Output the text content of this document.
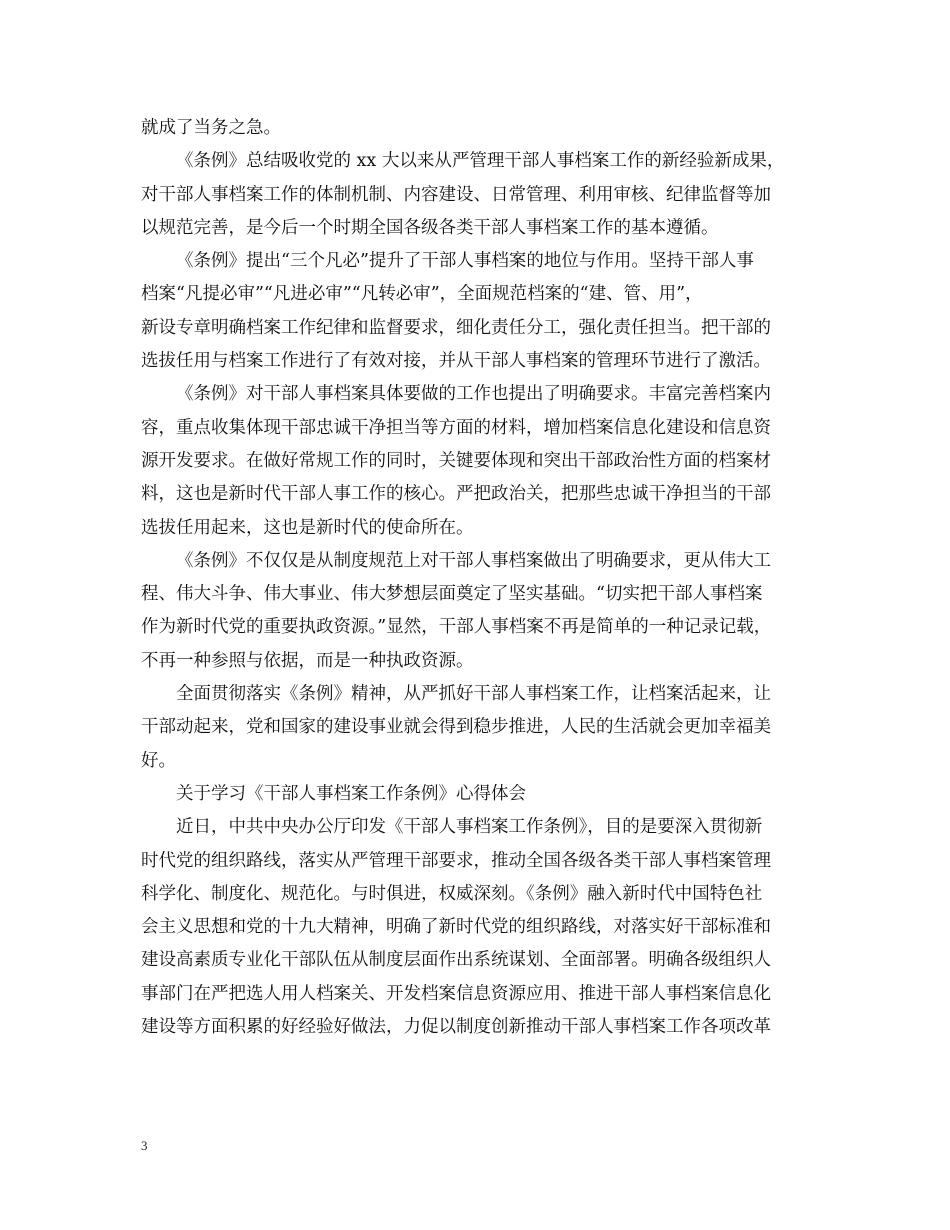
就成了当务之急。
《条例》总结吸收党的 xx 大以来从严管理干部人事档案工作的新经验新成果，
对干部人事档案工作的体制机制、内容建设、日常管理、利用审核、纪律监督等加
以规范完善，是今后一个时期全国各级各类干部人事档案工作的基本遵循。
《条例》提出“三个凡必”提升了干部人事档案的地位与作用。坚持干部人事
档案“凡提必审”“凡进必审”“凡转必审”，全面规范档案的“建、管、用”，
新设专章明确档案工作纪律和监督要求，细化责任分工，强化责任担当。把干部的
选拔任用与档案工作进行了有效对接，并从干部人事档案的管理环节进行了激活。
《条例》对干部人事档案具体要做的工作也提出了明确要求。丰富完善档案内
容，重点收集体现干部忠诚干净担当等方面的材料，增加档案信息化建设和信息资
源开发要求。在做好常规工作的同时，关键要体现和突出干部政治性方面的档案材
料，这也是新时代干部人事工作的核心。严把政治关，把那些忠诚干净担当的干部
选拔任用起来，这也是新时代的使命所在。
《条例》不仅仅是从制度规范上对干部人事档案做出了明确要求，更从伟大工
程、伟大斗争、伟大事业、伟大梦想层面奠定了坚实基础。“切实把干部人事档案
作为新时代党的重要执政资源。”显然，干部人事档案不再是简单的一种记录记载，
不再一种参照与依据，而是一种执政资源。
全面贯彻落实《条例》精神，从严抓好干部人事档案工作，让档案活起来，让
干部动起来，党和国家的建设事业就会得到稳步推进，人民的生活就会更加幸福美
好。
关于学习《干部人事档案工作条例》心得体会
近日，中共中央办公厅印发《干部人事档案工作条例》，目的是要深入贯彻新
时代党的组织路线，落实从严管理干部要求，推动全国各级各类干部人事档案管理
科学化、制度化、规范化。与时俱进，权威深刻。《条例》融入新时代中国特色社
会主义思想和党的十九大精神，明确了新时代党的组织路线，对落实好干部标准和
建设高素质专业化干部队伍从制度层面作出系统谋划、全面部署。明确各级组织人
事部门在严把选人用人档案关、开发档案信息资源应用、推进干部人事档案信息化
建设等方面积累的好经验好做法，力促以制度创新推动干部人事档案工作各项改革
3
